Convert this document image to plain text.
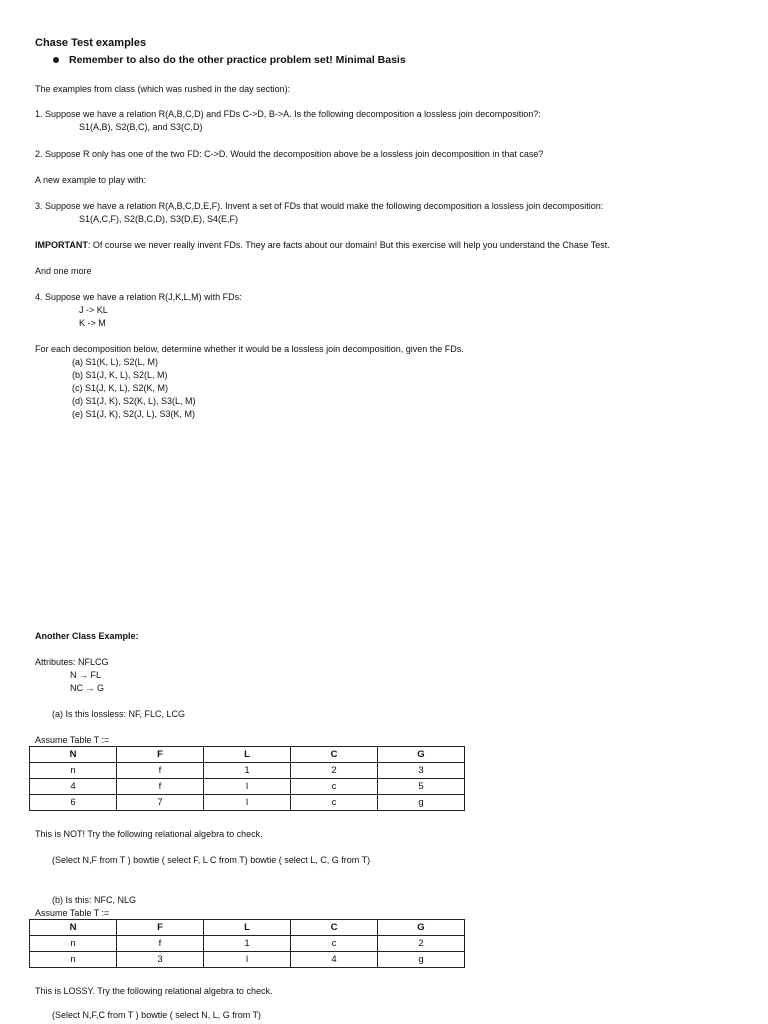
Chase Test examples
Remember to also do the other practice problem set! Minimal Basis
The examples from class (which was rushed in the day section):
1. Suppose we have a relation R(A,B,C,D) and FDs C->D, B->A. Is the following decomposition a lossless join decomposition?:
S1(A,B), S2(B,C), and S3(C,D)
2. Suppose R only has one of the two FD: C->D. Would the decomposition above be a lossless join decomposition in that case?
A new example to play with:
3. Suppose we have a relation R(A,B,C,D,E,F). Invent a set of FDs that would make the following decomposition a lossless join decomposition:
S1(A,C,F), S2(B,C,D), S3(D,E), S4(E,F)
IMPORTANT: Of course we never really invent FDs. They are facts about our domain! But this exercise will help you understand the Chase Test.
And one more
4. Suppose we have a relation R(J,K,L,M) with FDs:
J -> KL
K -> M
For each decomposition below, determine whether it would be a lossless join decomposition, given the FDs.
(a) S1(K, L), S2(L, M)
(b) S1(J, K, L), S2(L, M)
(c) S1(J, K, L), S2(K, M)
(d) S1(J, K), S2(K, L), S3(L, M)
(e) S1(J, K), S2(J, L), S3(K, M)
Another Class Example:
Attributes: NFLCG
N → FL
NC → G
(a) Is this lossless: NF, FLC, LCG
Assume Table T :=
N	F	L	C	G
n	f	1	2	3
4	f	l	c	5
6	7	l	c	g
This is NOT! Try the following relational algebra to check.
(Select N,F from T ) bowtie ( select F, L C from T) bowtie ( select L, C, G from T)
(b) Is this: NFC, NLG
Assume Table T :=
N	F	L	C	G
n	f	1	c	2
n	3	l	4	g
This is LOSSY. Try the following relational algebra to check.
(Select N,F,C from T ) bowtie ( select N, L, G from T)
